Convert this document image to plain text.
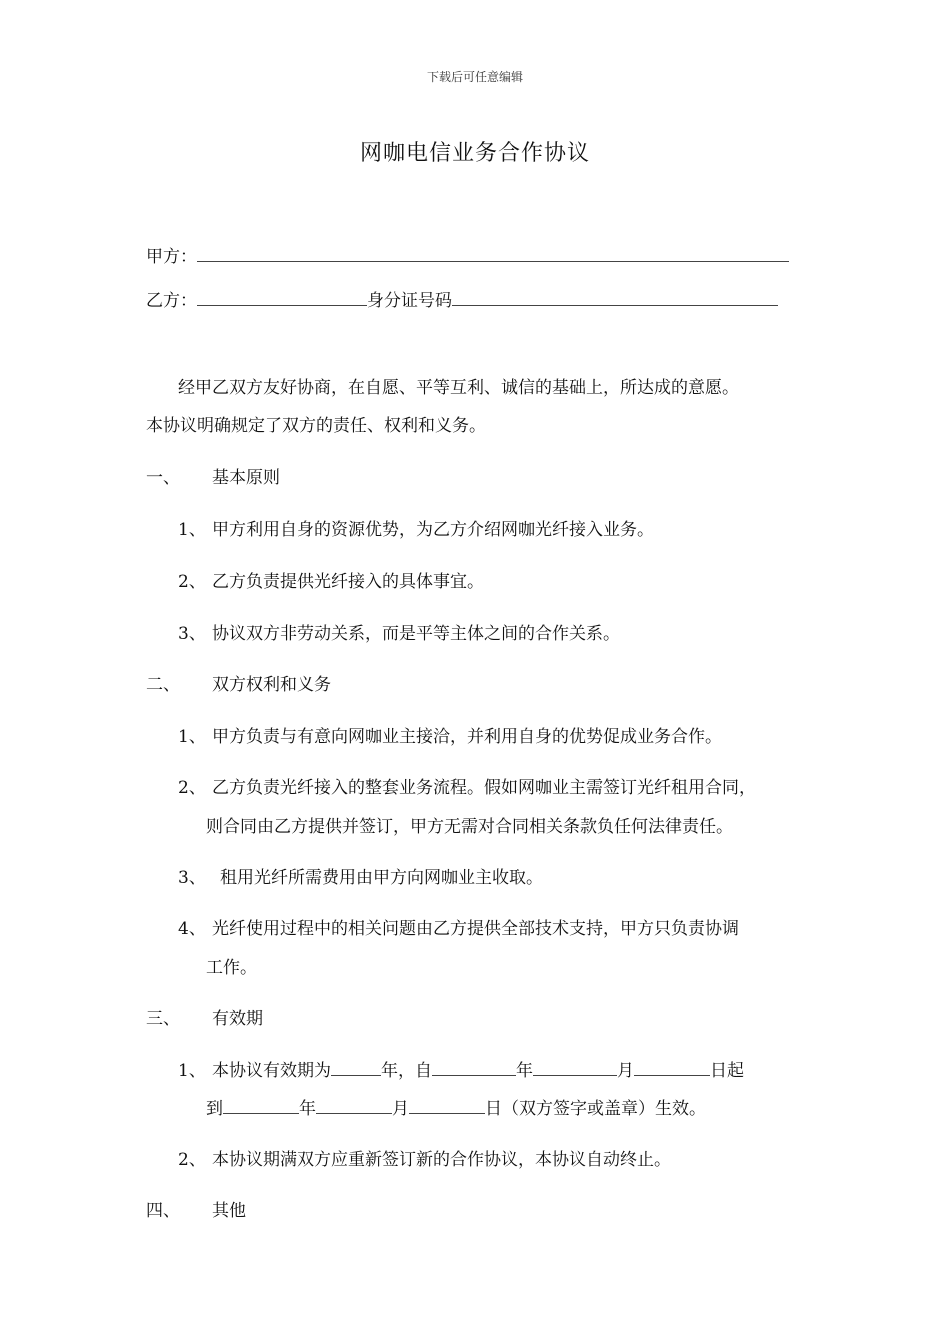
下载后可任意编辑
网咖电信业务合作协议
甲方：
乙方：	身分证号码
经甲乙双方友好协商，在自愿、平等互利、诚信的基础上，所达成的意愿。
本协议明确规定了双方的责任、权利和义务。
一、 基本原则
1、 甲方利用自身的资源优势，为乙方介绍网咖光纤接入业务。
2、 乙方负责提供光纤接入的具体事宜。
3、 协议双方非劳动关系，而是平等主体之间的合作关系。
二、 双方权利和义务
1、 甲方负责与有意向网咖业主接洽，并利用自身的优势促成业务合作。
2、 乙方负责光纤接入的整套业务流程。假如网咖业主需签订光纤租用合同，
则合同由乙方提供并签订，甲方无需对合同相关条款负任何法律责任。
3、 租用光纤所需费用由甲方向网咖业主收取。
4、 光纤使用过程中的相关问题由乙方提供全部技术支持，甲方只负责协调
工作。
三、 有效期
1、 本协议有效期为	年，自	年	月	日起
到	年	月	日（双方签字或盖章）生效。
2、 本协议期满双方应重新签订新的合作协议，本协议自动终止。
四、 其他
